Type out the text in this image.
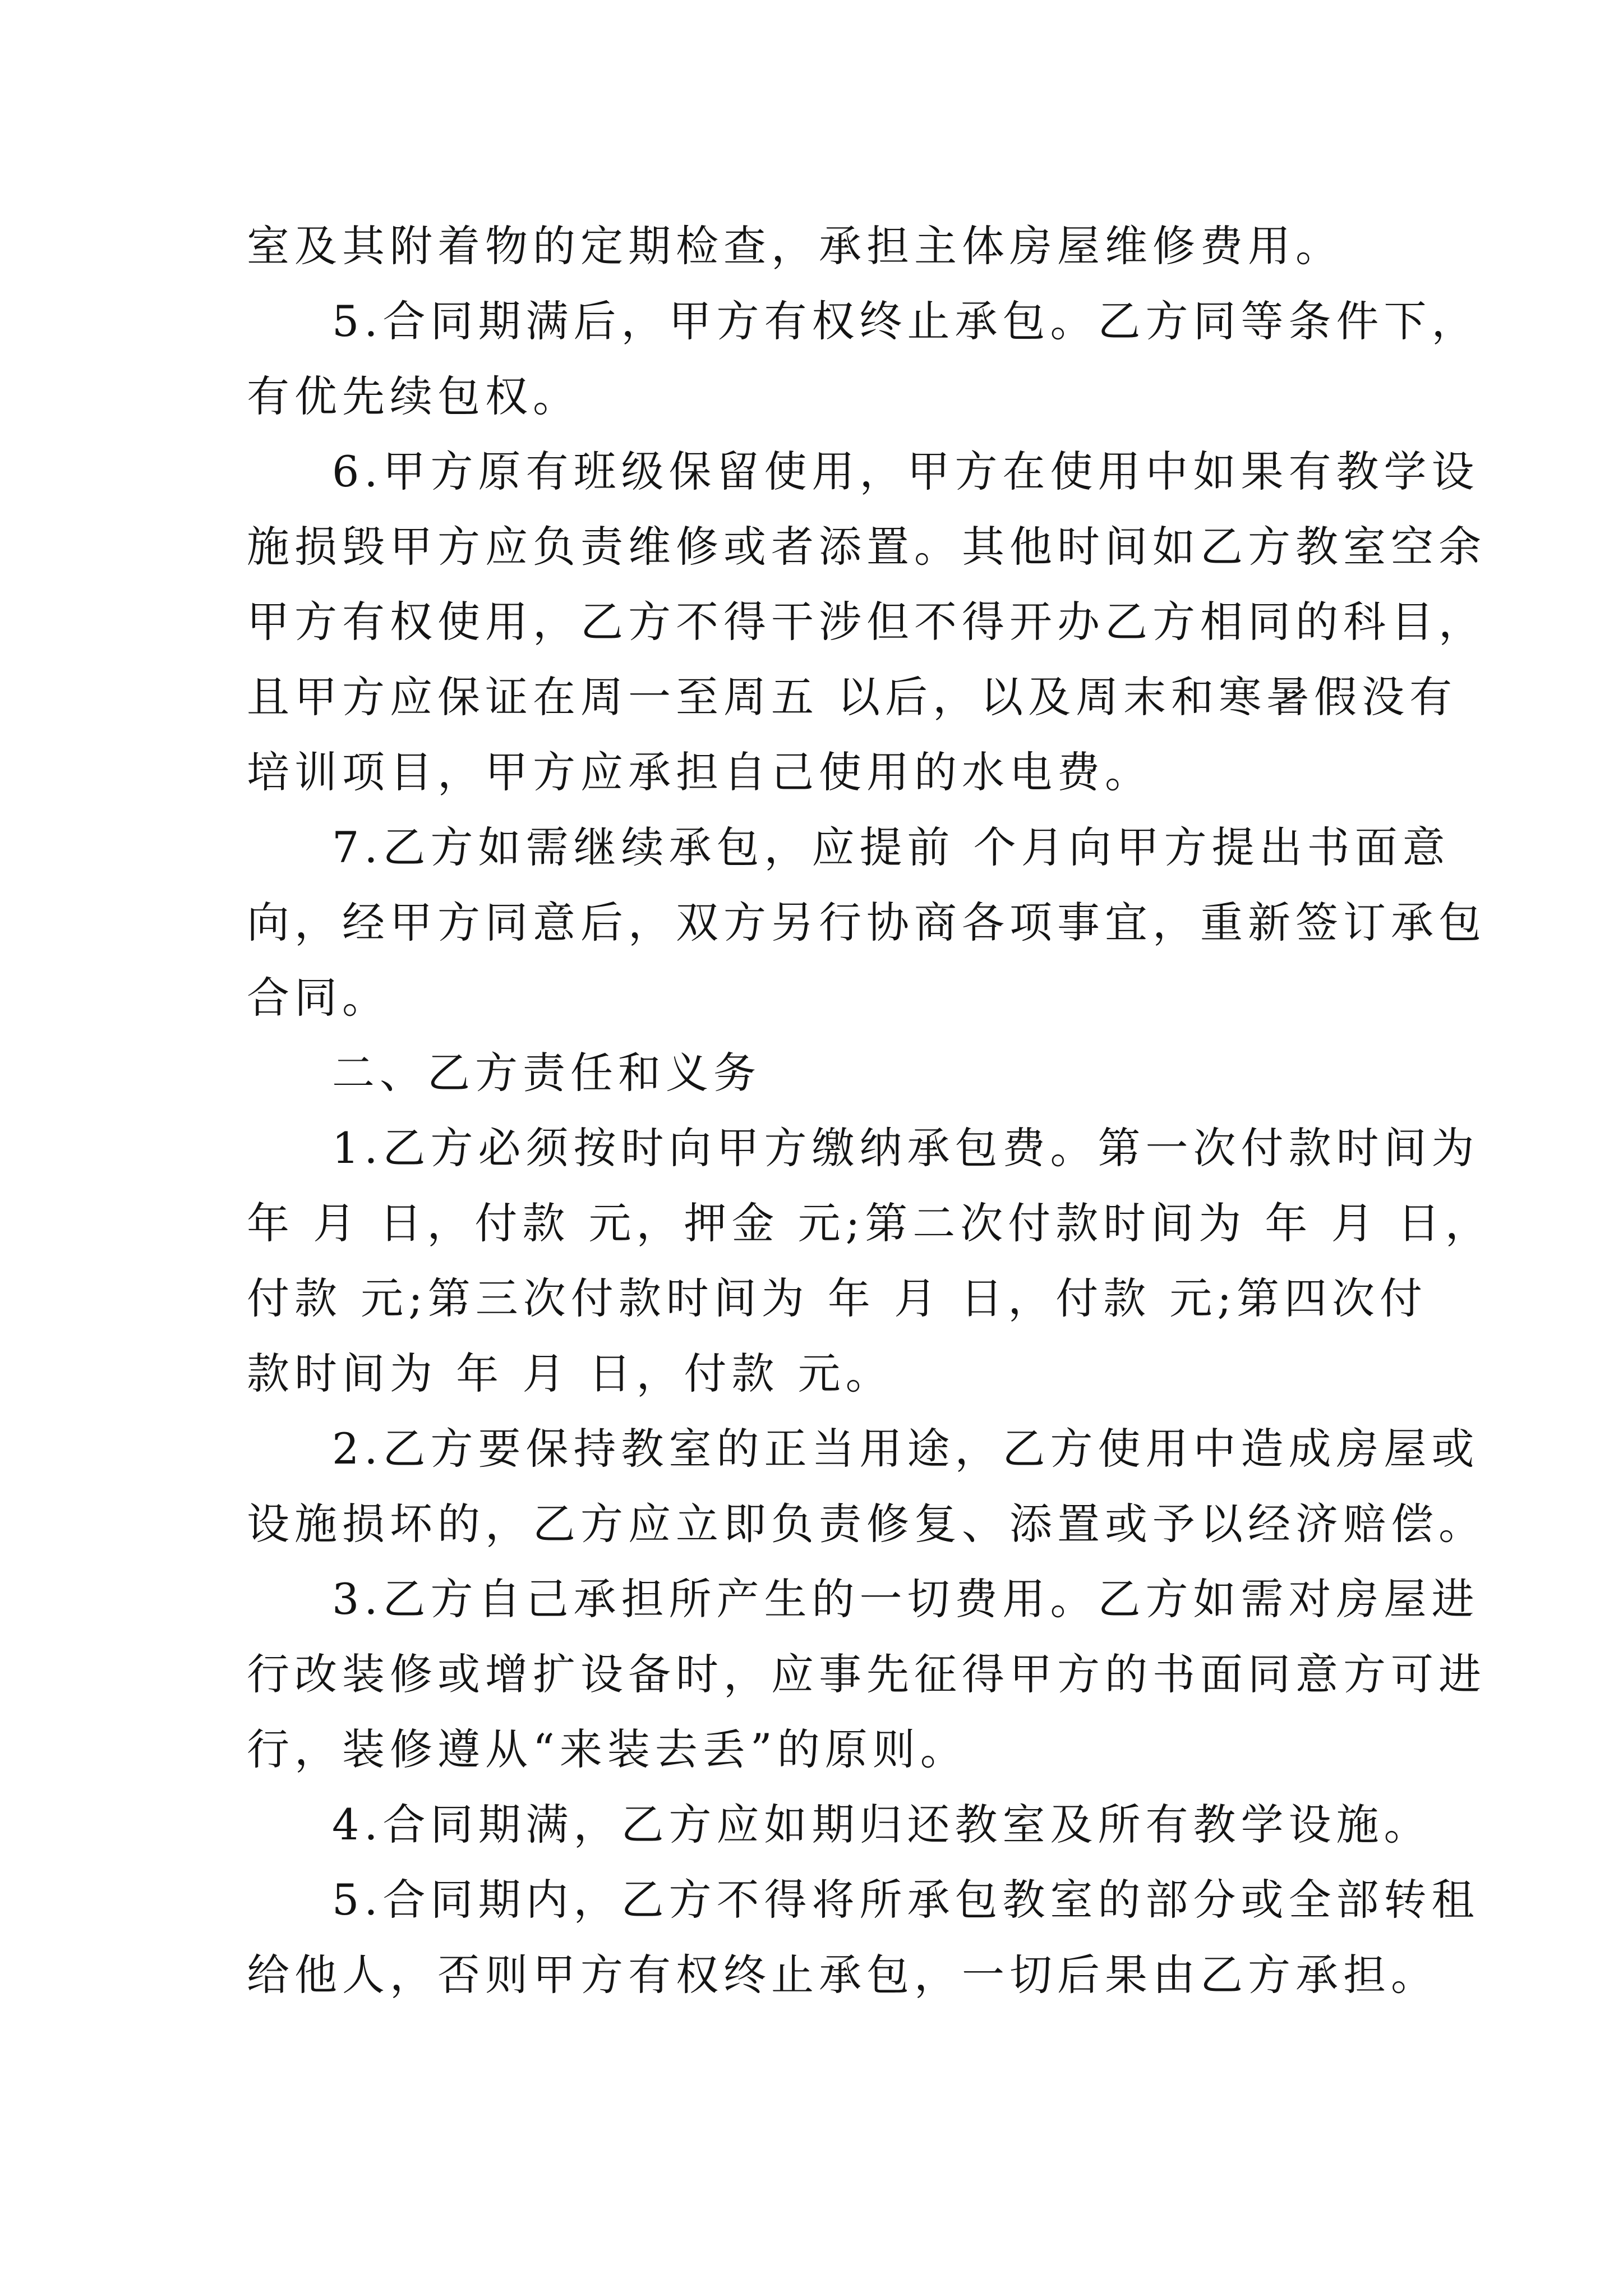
室及其附着物的定期检查，承担主体房屋维修费用。
5.合同期满后，甲方有权终止承包。乙方同等条件下，
有优先续包权。
6.甲方原有班级保留使用，甲方在使用中如果有教学设
施损毁甲方应负责维修或者添置。其他时间如乙方教室空余
甲方有权使用，乙方不得干涉但不得开办乙方相同的科目，
且甲方应保证在周一至周五 以后，以及周末和寒暑假没有
培训项目，甲方应承担自己使用的水电费。
7.乙方如需继续承包，应提前 个月向甲方提出书面意
向，经甲方同意后，双方另行协商各项事宜，重新签订承包
合同。
二、乙方责任和义务
1.乙方必须按时向甲方缴纳承包费。第一次付款时间为
年 月 日，付款 元，押金 元;第二次付款时间为 年 月 日，
付款 元;第三次付款时间为 年 月 日，付款 元;第四次付
款时间为 年 月 日，付款 元。
2.乙方要保持教室的正当用途，乙方使用中造成房屋或
设施损坏的，乙方应立即负责修复、添置或予以经济赔偿。
3.乙方自己承担所产生的一切费用。乙方如需对房屋进
行改装修或增扩设备时，应事先征得甲方的书面同意方可进
行，装修遵从“来装去丢”的原则。
4.合同期满，乙方应如期归还教室及所有教学设施。
5.合同期内，乙方不得将所承包教室的部分或全部转租
给他人，否则甲方有权终止承包，一切后果由乙方承担。
